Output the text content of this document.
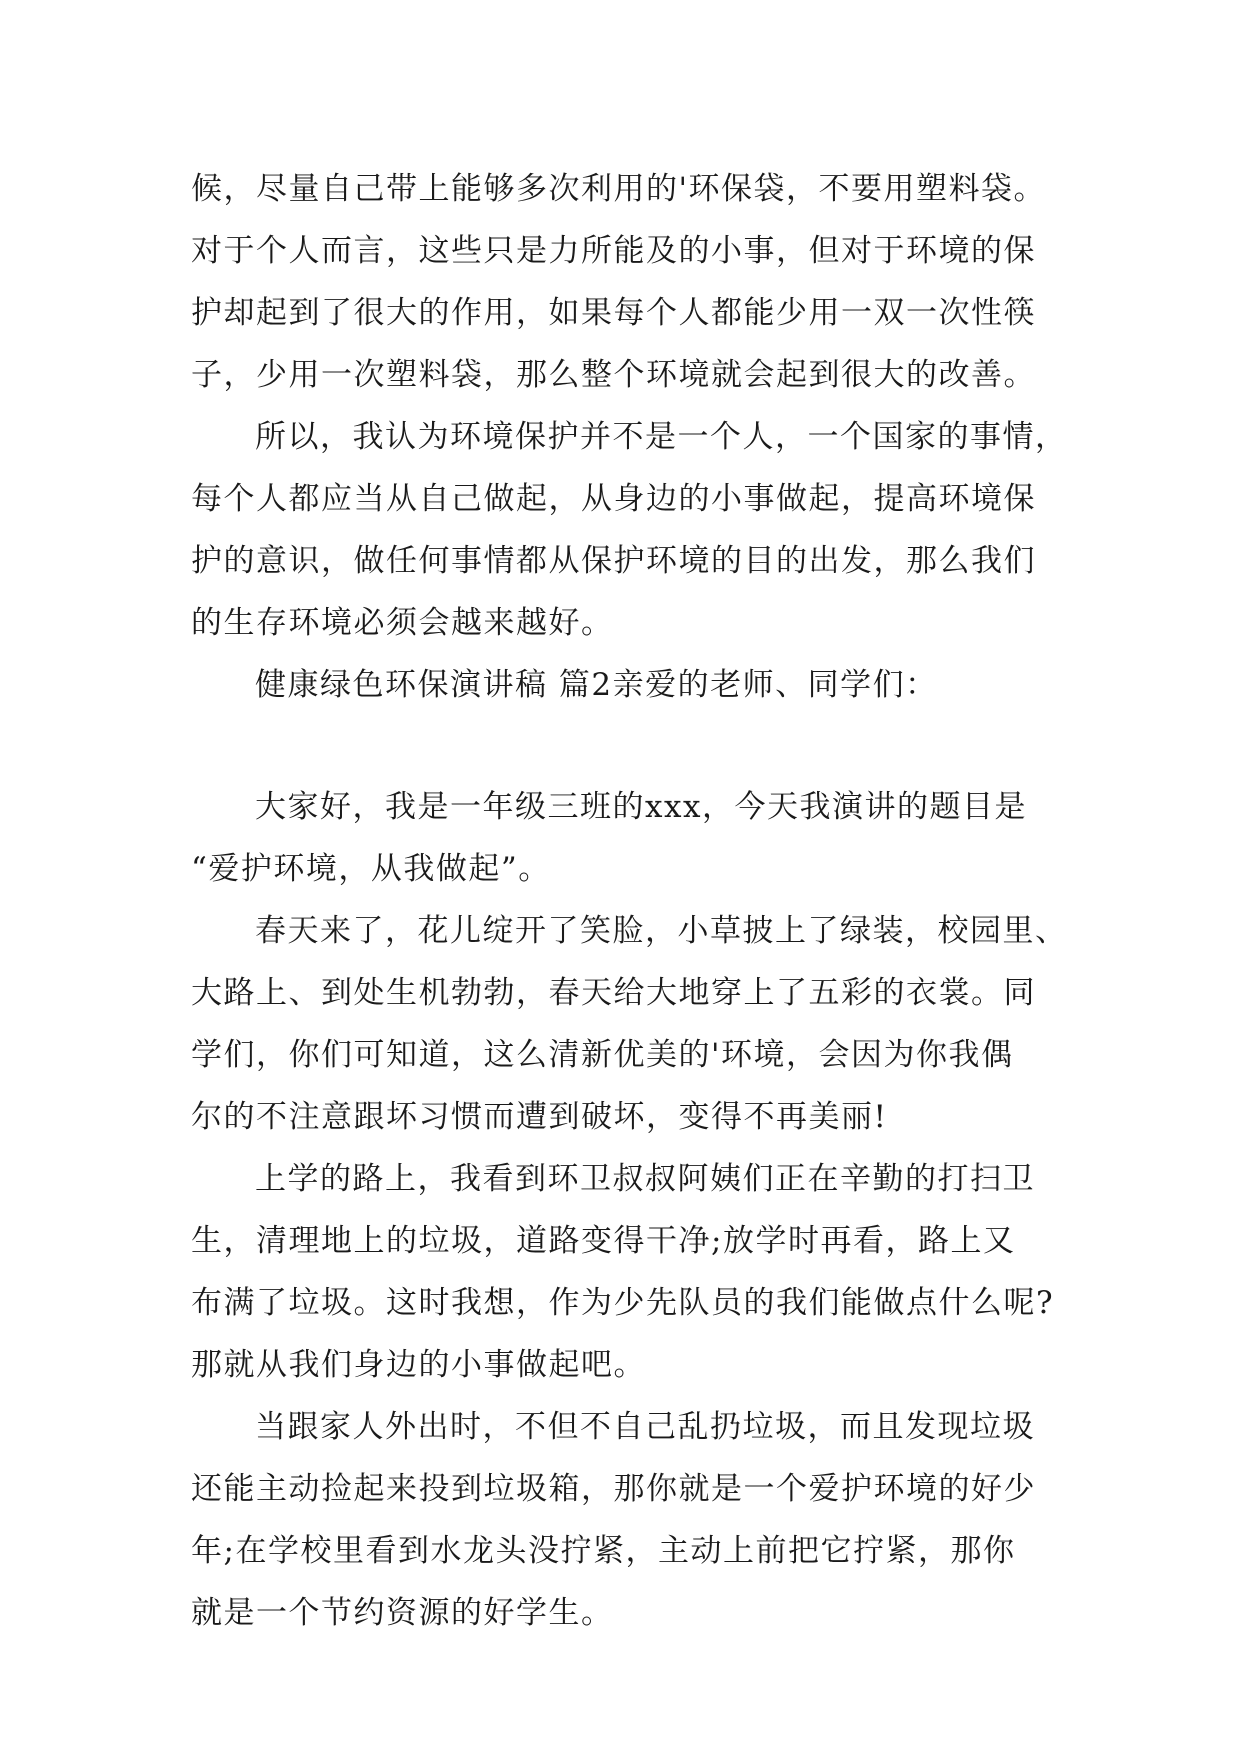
候，尽量自己带上能够多次利用的'环保袋，不要用塑料袋。
对于个人而言，这些只是力所能及的小事，但对于环境的保
护却起到了很大的作用，如果每个人都能少用一双一次性筷
子，少用一次塑料袋，那么整个环境就会起到很大的改善。
所以，我认为环境保护并不是一个人，一个国家的事情，
每个人都应当从自己做起，从身边的小事做起，提高环境保
护的意识，做任何事情都从保护环境的目的出发，那么我们
的生存环境必须会越来越好。
健康绿色环保演讲稿 篇2亲爱的老师、同学们：
大家好，我是一年级三班的xxx，今天我演讲的题目是
“爱护环境，从我做起”。
春天来了，花儿绽开了笑脸，小草披上了绿装，校园里、
大路上、到处生机勃勃，春天给大地穿上了五彩的衣裳。同
学们，你们可知道，这么清新优美的'环境，会因为你我偶
尔的不注意跟坏习惯而遭到破坏，变得不再美丽!
上学的路上，我看到环卫叔叔阿姨们正在辛勤的打扫卫
生，清理地上的垃圾，道路变得干净;放学时再看，路上又
布满了垃圾。这时我想，作为少先队员的我们能做点什么呢?
那就从我们身边的小事做起吧。
当跟家人外出时，不但不自己乱扔垃圾，而且发现垃圾
还能主动捡起来投到垃圾箱，那你就是一个爱护环境的好少
年;在学校里看到水龙头没拧紧，主动上前把它拧紧，那你
就是一个节约资源的好学生。
